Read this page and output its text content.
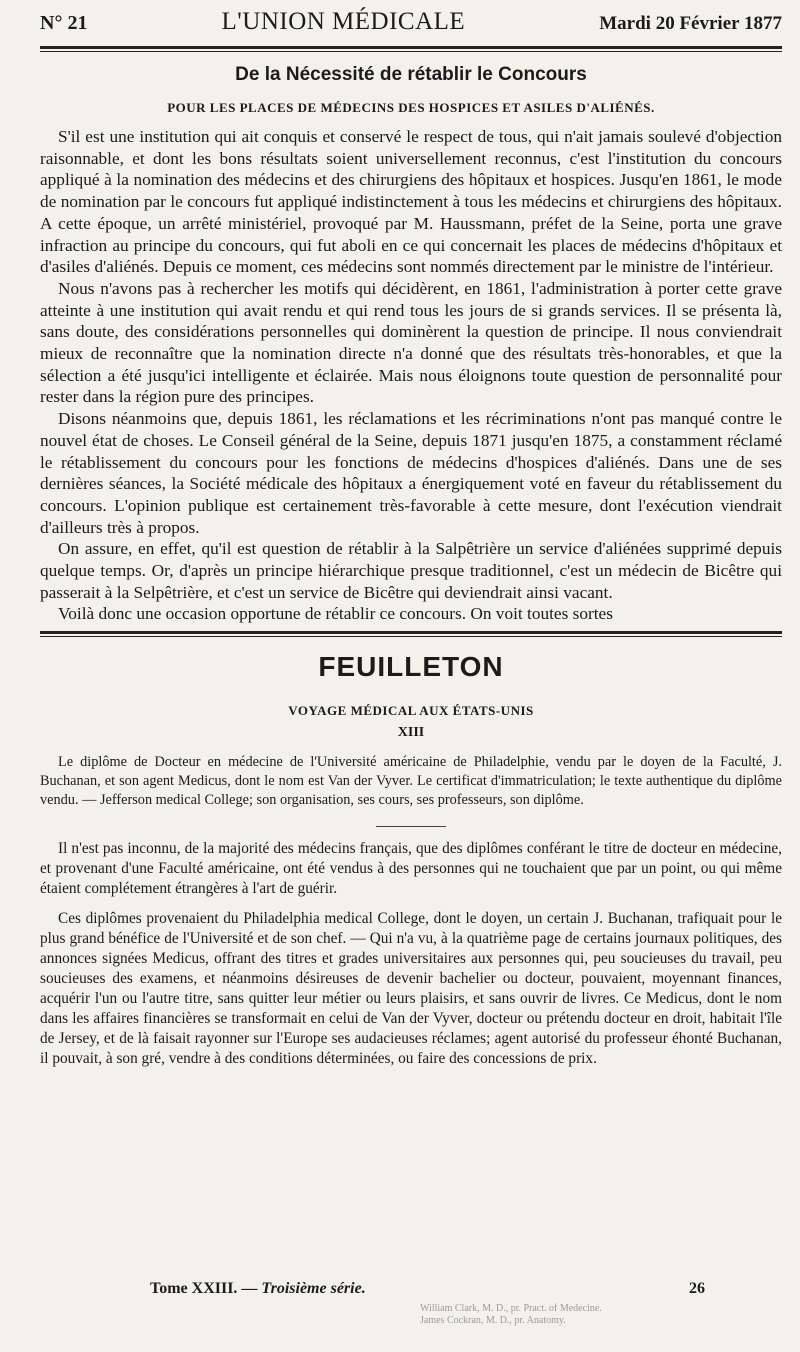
N° 21	L'UNION MÉDICALE	Mardi 20 Février 1877
De la Nécessité de rétablir le Concours
POUR LES PLACES DE MÉDECINS DES HOSPICES ET ASILES D'ALIÉNÉS.

S'il est une institution qui ait conquis et conservé le respect de tous, qui n'ait jamais soulevé d'objection raisonnable, et dont les bons résultats soient universellement reconnus, c'est l'institution du concours appliqué à la nomination des médecins et des chirurgiens des hôpitaux et hospices. Jusqu'en 1861, le mode de nomination par le concours fut appliqué indistinctement à tous les médecins et chirurgiens des hôpitaux. A cette époque, un arrêté ministériel, provoqué par M. Haussmann, préfet de la Seine, porta une grave infraction au principe du concours, qui fut aboli en ce qui concernait les places de médecins d'hôpitaux et d'asiles d'aliénés. Depuis ce moment, ces médecins sont nommés directement par le ministre de l'intérieur.

Nous n'avons pas à rechercher les motifs qui décidèrent, en 1861, l'administration à porter cette grave atteinte à une institution qui avait rendu et qui rend tous les jours de si grands services. Il se présenta là, sans doute, des considérations personnelles qui dominèrent la question de principe. Il nous conviendrait mieux de reconnaître que la nomination directe n'a donné que des résultats très-honorables, et que la sélection a été jusqu'ici intelligente et éclairée. Mais nous éloignons toute question de personnalité pour rester dans la région pure des principes.

Disons néanmoins que, depuis 1861, les réclamations et les récriminations n'ont pas manqué contre le nouvel état de choses. Le Conseil général de la Seine, depuis 1871 jusqu'en 1875, a constamment réclamé le rétablissement du concours pour les fonctions de médecins d'hospices d'aliénés. Dans une de ses dernières séances, la Société médicale des hôpitaux a énergiquement voté en faveur du rétablissement du concours. L'opinion publique est certainement très-favorable à cette mesure, dont l'exécution viendrait d'ailleurs très à propos.

On assure, en effet, qu'il est question de rétablir à la Salpêtrière un service d'aliénées supprimé depuis quelque temps. Or, d'après un principe hiérarchique presque traditionnel, c'est un médecin de Bicêtre qui passerait à la Selpêtrière, et c'est un service de Bicêtre qui deviendrait ainsi vacant.

Voilà donc une occasion opportune de rétablir ce concours. On voit toutes sortes

FEUILLETON
VOYAGE MÉDICAL AUX ÉTATS-UNIS
XIII
Le diplôme de Docteur en médecine de l'Université américaine de Philadelphie, vendu par le doyen de la Faculté, J. Buchanan, et son agent Medicus, dont le nom est Van der Vyver. Le certificat d'immatriculation; le texte authentique du diplôme vendu. — Jefferson medical College; son organisation, ses cours, ses professeurs, son diplôme.

Il n'est pas inconnu, de la majorité des médecins français, que des diplômes conférant le titre de docteur en médecine, et provenant d'une Faculté américaine, ont été vendus à des personnes qui ne touchaient que par un point, ou qui même étaient complétement étrangères à l'art de guérir.

Ces diplômes provenaient du Philadelphia medical College, dont le doyen, un certain J. Buchanan, trafiquait pour le plus grand bénéfice de l'Université et de son chef. — Qui n'a vu, à la quatrième page de certains journaux politiques, des annonces signées Medicus, offrant des titres et grades universitaires aux personnes qui, peu soucieuses du travail, peu soucieuses des examens, et néanmoins désireuses de devenir bachelier ou docteur, pouvaient, moyennant finances, acquérir l'un ou l'autre titre, sans quitter leur métier ou leurs plaisirs, et sans ouvrir de livres. Ce Medicus, dont le nom dans les affaires financières se transformait en celui de Van der Vyver, docteur ou prétendu docteur en droit, habitait l'île de Jersey, et de là faisait rayonner sur l'Europe ses audacieuses réclames; agent autorisé du professeur éhonté Buchanan, il pouvait, à son gré, vendre à des conditions déterminées, ou faire des concessions de prix.

Tome XXIII. — Troisième série.	26
William Clark, M. D., pr. Pract. of Medecine.
James Cockran, M. D., pr. Anatomy.
